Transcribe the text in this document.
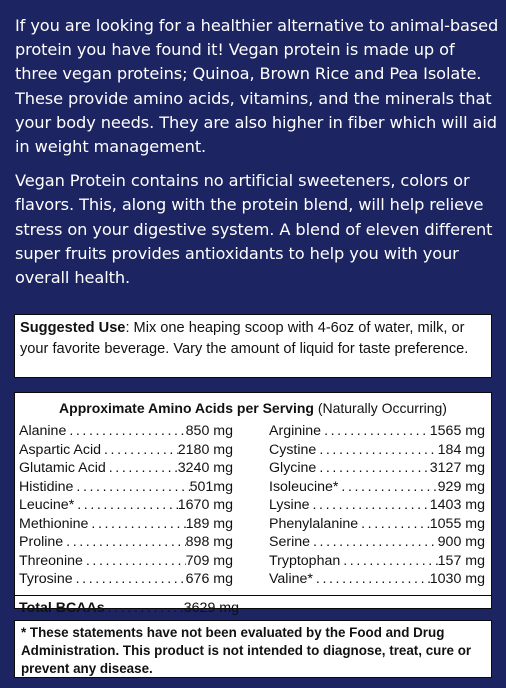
If you are looking for a healthier alternative to animal-based protein you have found it! Vegan protein is made up of three vegan proteins; Quinoa, Brown Rice and Pea Isolate. These provide amino acids, vitamins, and the minerals that your body needs. They are also higher in fiber which will aid in weight management.

Vegan Protein contains no artificial sweeteners, colors or flavors. This, along with the protein blend, will help relieve stress on your digestive system. A blend of eleven different super fruits provides antioxidants to help you with your overall health.

Suggested Use: Mix one heaping scoop with 4-6oz of water, milk, or your favorite beverage. Vary the amount of liquid for taste preference.
Approximate Amino Acids per Serving (Naturally Occurring)
Alanine .....	850 mg
Aspartic Acid .....	2180 mg
Glutamic Acid .....	3240 mg
Histidine .....	501mg
Leucine* .....	1670 mg
Methionine .....	189 mg
Proline .....	898 mg
Threonine .....	709 mg
Tyrosine .....	676 mg
Arginine .....	1565 mg
Cystine .....	184 mg
Glycine .....	3127 mg
Isoleucine* .....	929 mg
Lysine .....	1403 mg
Phenylalanine .....	1055 mg
Serine .....	900 mg
Tryptophan .....	157 mg
Valine* .....	1030 mg
Total BCAAs .....	3629 mg
* These statements have not been evaluated by the Food and Drug Administration. This product is not intended to diagnose, treat, cure or prevent any disease.
